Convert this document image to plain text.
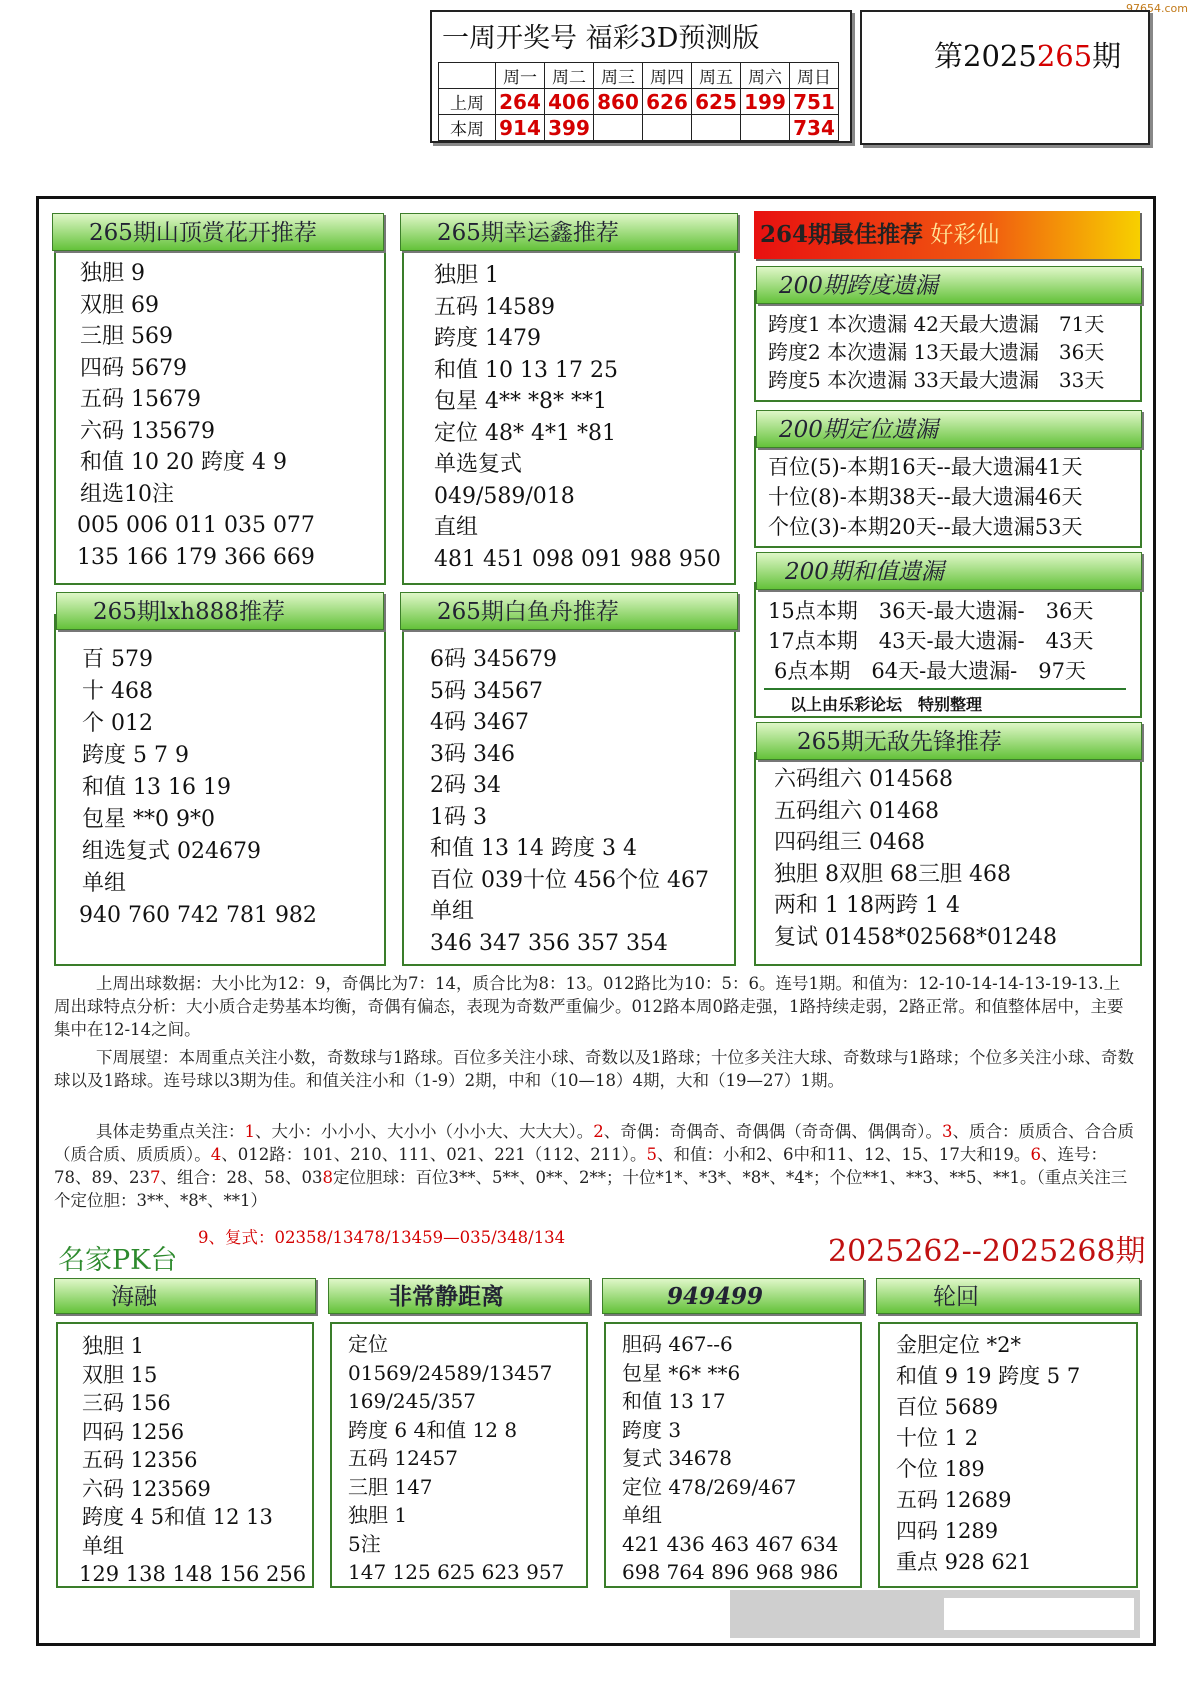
97654.com
一周开奖号 福彩3D预测版
	周一	周二	周三	周四	周五	周六	周日
上周	264	406	860	626	625	199	751
本周	914	399					734
第2025265期
独胆 9
双胆 69
三胆 569
四码 5679
五码 15679
六码 135679
和值 10 20 跨度 4 9
组选10注
005 006 011 035 077
135 166 179 366 669
265期山顶赏花开推荐
独胆 1
五码 14589
跨度 1479
和值 10 13 17 25
包星 4** *8* **1
定位 48* 4*1 *81
单选复式
049/589/018
直组
481 451 098 091 988 950
265期幸运鑫推荐
百 579
十 468
个 012
跨度 5 7 9
和值 13 16 19
包星 **0 9*0
组选复式 024679
单组
940 760 742 781 982
265期lxh888推荐
6码 345679
5码 34567
4码 3467
3码 346
2码 34
1码 3
和值 13 14 跨度 3 4
百位 039十位 456个位 467
单组
346 347 356 357 354
265期白鱼舟推荐
264期最佳推荐 好彩仙
跨度1 本次遗漏 42天最大遗漏　71天
跨度2 本次遗漏 13天最大遗漏　36天
跨度5 本次遗漏 33天最大遗漏　33天
200期跨度遗漏
百位(5)-本期16天--最大遗漏41天
十位(8)-本期38天--最大遗漏46天
个位(3)-本期20天--最大遗漏53天
200期定位遗漏
15点本期　36天-最大遗漏-　36天
17点本期　43天-最大遗漏-　43天
6点本期　64天-最大遗漏-　97天
以上由乐彩论坛　特别整理
200期和值遗漏
六码组六 014568
五码组六 01468
四码组三 0468
独胆 8双胆 68三胆 468
两和 1 18两跨 1 4
复试 01458*02568*01248
265期无敌先锋推荐
上周出球数据：大小比为12：9，奇偶比为7：14，质合比为8：13。012路比为10：5：6。连号1期。和值为：12-10-14-14-13-19-13.上周出球特点分析：大小质合走势基本均衡，奇偶有偏态，表现为奇数严重偏少。012路本周0路走强，1路持续走弱，2路正常。和值整体居中，主要集中在12-14之间。
下周展望：本周重点关注小数，奇数球与1路球。百位多关注小球、奇数以及1路球；十位多关注大球、奇数球与1路球；个位多关注小球、奇数球以及1路球。连号球以3期为佳。和值关注小和（1-9）2期，中和（10—18）4期，大和（19—27）1期。
具体走势重点关注：1、大小：小小小、大小小（小小大、大大大）。2、奇偶：奇偶奇、奇偶偶（奇奇偶、偶偶奇）。3、质合：质质合、合合质（质合质、质质质）。4、012路：101、210、111、021、221（112、211）。5、和值：小和2、6中和11、12、15、17大和19。6、连号：78、89、237、组合：28、58、038定位胆球：百位3**、5**、0**、2**；十位*1*、*3*、*8*、*4*；个位**1、**3、**5、**1。（重点关注三个定位胆：3**、*8*、**1）
9、复式：02358/13478/13459—035/348/134
名家PK台	2025262--2025268期
独胆 1
双胆 15
三码 156
四码 1256
五码 12356
六码 123569
跨度 4 5和值 12 13
单组
129 138 148 156 256
海融
定位
01569/24589/13457
169/245/357
跨度 6 4和值 12 8
五码 12457
三胆 147
独胆 1
5注
147 125 625 623 957
非常静距离
胆码 467--6
包星 *6* **6
和值 13 17
跨度 3
复式 34678
定位 478/269/467
单组
421 436 463 467 634
698 764 896 968 986
949499
金胆定位 *2*
和值 9 19 跨度 5 7
百位 5689
十位 1 2
个位 189
五码 12689
四码 1289
重点 928 621
轮回
